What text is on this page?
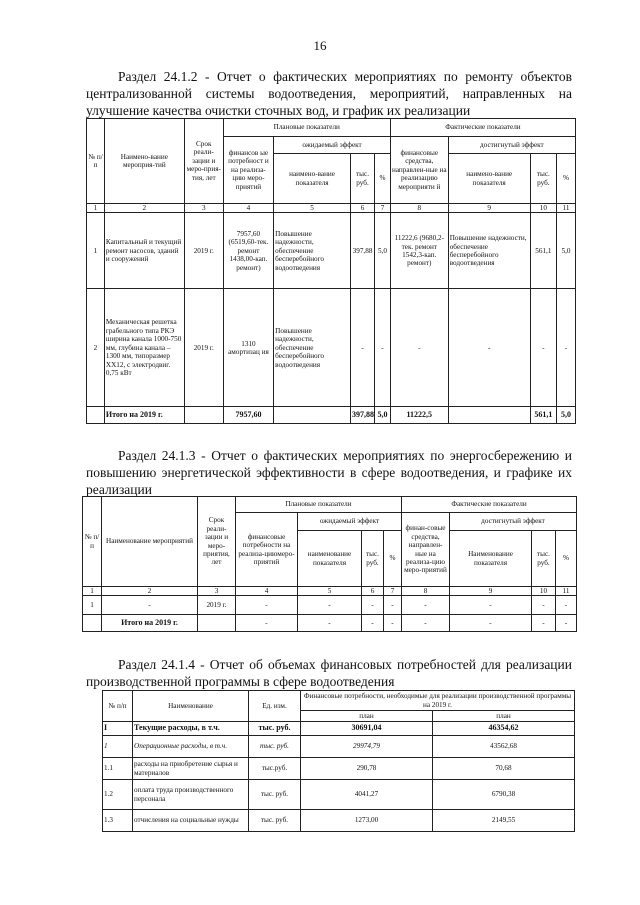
16
Раздел 24.1.2 - Отчет о фактических мероприятиях по ремонту объектов централизованной системы водоотведения, мероприятий, направленных на улучшение качества очистки сточных вод, и график их реализации
№ п/п	Наимено-вание мероприя-тий	Срок реали-зации и меро-прия-тия, лет	Плановые показатели				Фактические показатели			
			финансов ые потребност и на реализа-цию меро-приятий	ожидаемый эффект			финансовые средства, направлен-ные на реализацию мероприяти й	достигнутый эффект		
				наимено-вание показателя	тыс. руб.	%		наимено-вание показателя	тыс. руб.	%
1	2	3	4	5	6	7	8	9	10	11
1	Капитальный и текущий ремонт насосов, зданий и сооружений	2019 г.	7957,60 (6519,60-тек. ремонт 1438,00-кап. ремонт)	Повышение надежности, обеспечение бесперебойного водоотведения	397,88	5,0	11222,6 (9680,2-тек. ремонт 1542,3-кап. ремонт)	Повышение надежности, обеспечение бесперебойного водоотведения	561,1	5,0
2	Механическая решетка грабельного типа РКЭ ширина канала 1000-750 мм, глубина канала – 1300 мм, типоразмер XX12, с электродвиг. 0,75 кВт	2019 г.	1310 амортизац ия	Повышение надежности, обеспечение бесперебойного водоотведения	-	-	-	-	-	-
	Итого на 2019 г.		7957,60		397,88	5,0	11222,5		561,1	5,0
Раздел 24.1.3 - Отчет о фактических мероприятиях по энергосбережению и повышению энергетической эффективности в сфере водоотведения, и графике их реализации
№ п/п	Наименование мероприятий	Срок реали-зации и меро-приятия, лет	Плановые показатели				Фактические показатели			
			финансовые потребности на реализа-циюмеро-приятий	ожидаемый эффект			финан-совые средства, направлен-ные на реализа-цию меро-приятий	достигнутый эффект		
				наименование показателя	тыс. руб.	%		Наименование показателя	тыс. руб.	%
1	2	3	4	5	6	7	8	9	10	11
1	-	2019 г.	-	-	-	-	-	-	-	-
	Итого на 2019 г.		-	-	-	-	-	-	-	-
Раздел 24.1.4 - Отчет об объемах финансовых потребностей для реализации производственной программы в сфере водоотведения
№ п/п	Наименование	Ед. изм.	Финансовые потребности, необходимые для реализации производственной программы на 2019 г.	
			план	план
I	Текущие расходы, в т.ч.	тыс. руб.	30691,04	46354,62
1	Операционные расходы, в т.ч.	тыс. руб.	29974,79	43562,68
1.1	расходы на приобретение сырья и материалов	тыс.руб.	290,78	70,68
1.2	оплата труда производственного персонала	тыс. руб.	4041,27	6790,38
1.3	отчисления на социальные нужды	тыс. руб.	1273,00	2149,55
